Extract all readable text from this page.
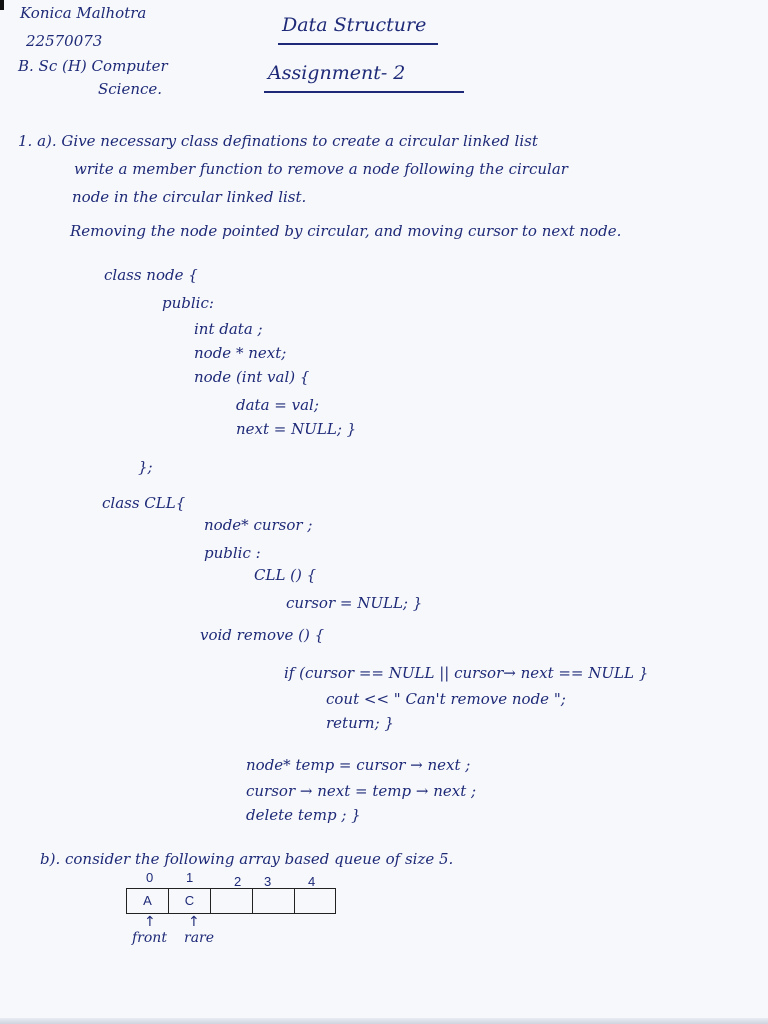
Konica Malhotra
22570073
B. Sc (H) Computer
Science.
Data Structure
Assignment- 2
1. a). Give necessary class definations to create a circular linked list
write a member function to remove a node following the circular
node in the circular linked list.
Removing the node pointed by circular, and moving cursor to next node.
class node {
public:
int data ;
node * next;
node (int val) {
data = val;
next = NULL; }
};
class CLL{
node* cursor ;
public :
CLL () {
cursor = NULL; }
void remove () {
if (cursor == NULL || cursor→ next == NULL }
cout << " Can't remove node ";
return; }
node* temp = cursor → next ;
cursor → next = temp → next ;
delete temp ; }
b). consider the following array based queue of size 5.
0	1	2 3	4
A	C
↑ ↑
front rare
